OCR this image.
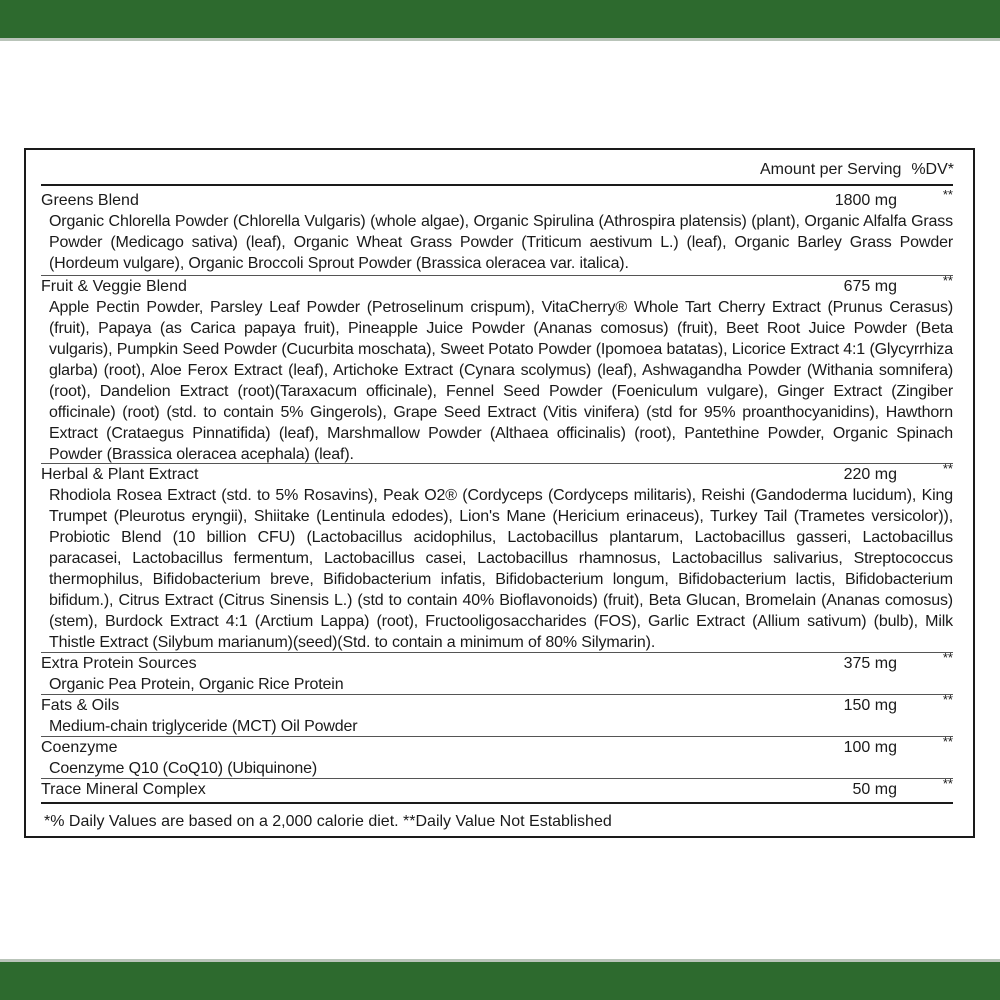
Amount per Serving %DV*
Greens Blend	1800 mg	**
Organic Chlorella Powder (Chlorella Vulgaris) (whole algae), Organic Spirulina (Athrospira platensis) (plant), Organic Alfalfa Grass Powder (Medicago sativa) (leaf), Organic Wheat Grass Powder (Triticum aestivum L.) (leaf), Organic Barley Grass Powder (Hordeum vulgare), Organic Broccoli Sprout Powder (Brassica oleracea var. italica).
Fruit & Veggie Blend	675 mg	**
Apple Pectin Powder, Parsley Leaf Powder (Petroselinum crispum), VitaCherry® Whole Tart Cherry Extract (Prunus Cerasus) (fruit), Papaya (as Carica papaya fruit), Pineapple Juice Powder (Ananas comosus) (fruit), Beet Root Juice Powder (Beta vulgaris), Pumpkin Seed Powder (Cucurbita moschata), Sweet Potato Powder (Ipomoea batatas), Licorice Extract 4:1 (Glycyrrhiza glarba) (root), Aloe Ferox Extract (leaf), Artichoke Extract (Cynara scolymus) (leaf), Ashwagandha Powder (Withania somnifera) (root), Dandelion Extract (root)(Taraxacum officinale), Fennel Seed Powder (Foeniculum vulgare), Ginger Extract (Zingiber officinale) (root) (std. to contain 5% Gingerols), Grape Seed Extract (Vitis vinifera) (std for 95% proanthocyanidins), Hawthorn Extract (Crataegus Pinnatifida) (leaf), Marshmallow Powder (Althaea officinalis) (root), Pantethine Powder, Organic Spinach Powder (Brassica oleracea acephala) (leaf).
Herbal & Plant Extract	220 mg	**
Rhodiola Rosea Extract (std. to 5% Rosavins), Peak O2® (Cordyceps (Cordyceps militaris), Reishi (Gandoderma lucidum), King Trumpet (Pleurotus eryngii), Shiitake (Lentinula edodes), Lion's Mane (Hericium erinaceus), Turkey Tail (Trametes versicolor)), Probiotic Blend (10 billion CFU) (Lactobacillus acidophilus, Lactobacillus plantarum, Lactobacillus gasseri, Lactobacillus paracasei, Lactobacillus fermentum, Lactobacillus casei, Lactobacillus rhamnosus, Lactobacillus salivarius, Streptococcus thermophilus, Bifidobacterium breve, Bifidobacterium infatis, Bifidobacterium longum, Bifidobacterium lactis, Bifidobacterium bifidum.), Citrus Extract (Citrus Sinensis L.) (std to contain 40% Bioflavonoids) (fruit), Beta Glucan, Bromelain (Ananas comosus) (stem), Burdock Extract 4:1 (Arctium Lappa) (root), Fructooligosaccharides (FOS), Garlic Extract (Allium sativum) (bulb), Milk Thistle Extract (Silybum marianum)(seed)(Std. to contain a minimum of 80% Silymarin).
Extra Protein Sources	375 mg	**
Organic Pea Protein, Organic Rice Protein
Fats & Oils	150 mg	**
Medium-chain triglyceride (MCT) Oil Powder
Coenzyme	100 mg	**
Coenzyme Q10 (CoQ10) (Ubiquinone)
Trace Mineral Complex	50 mg	**
*% Daily Values are based on a 2,000 calorie diet. **Daily Value Not Established
